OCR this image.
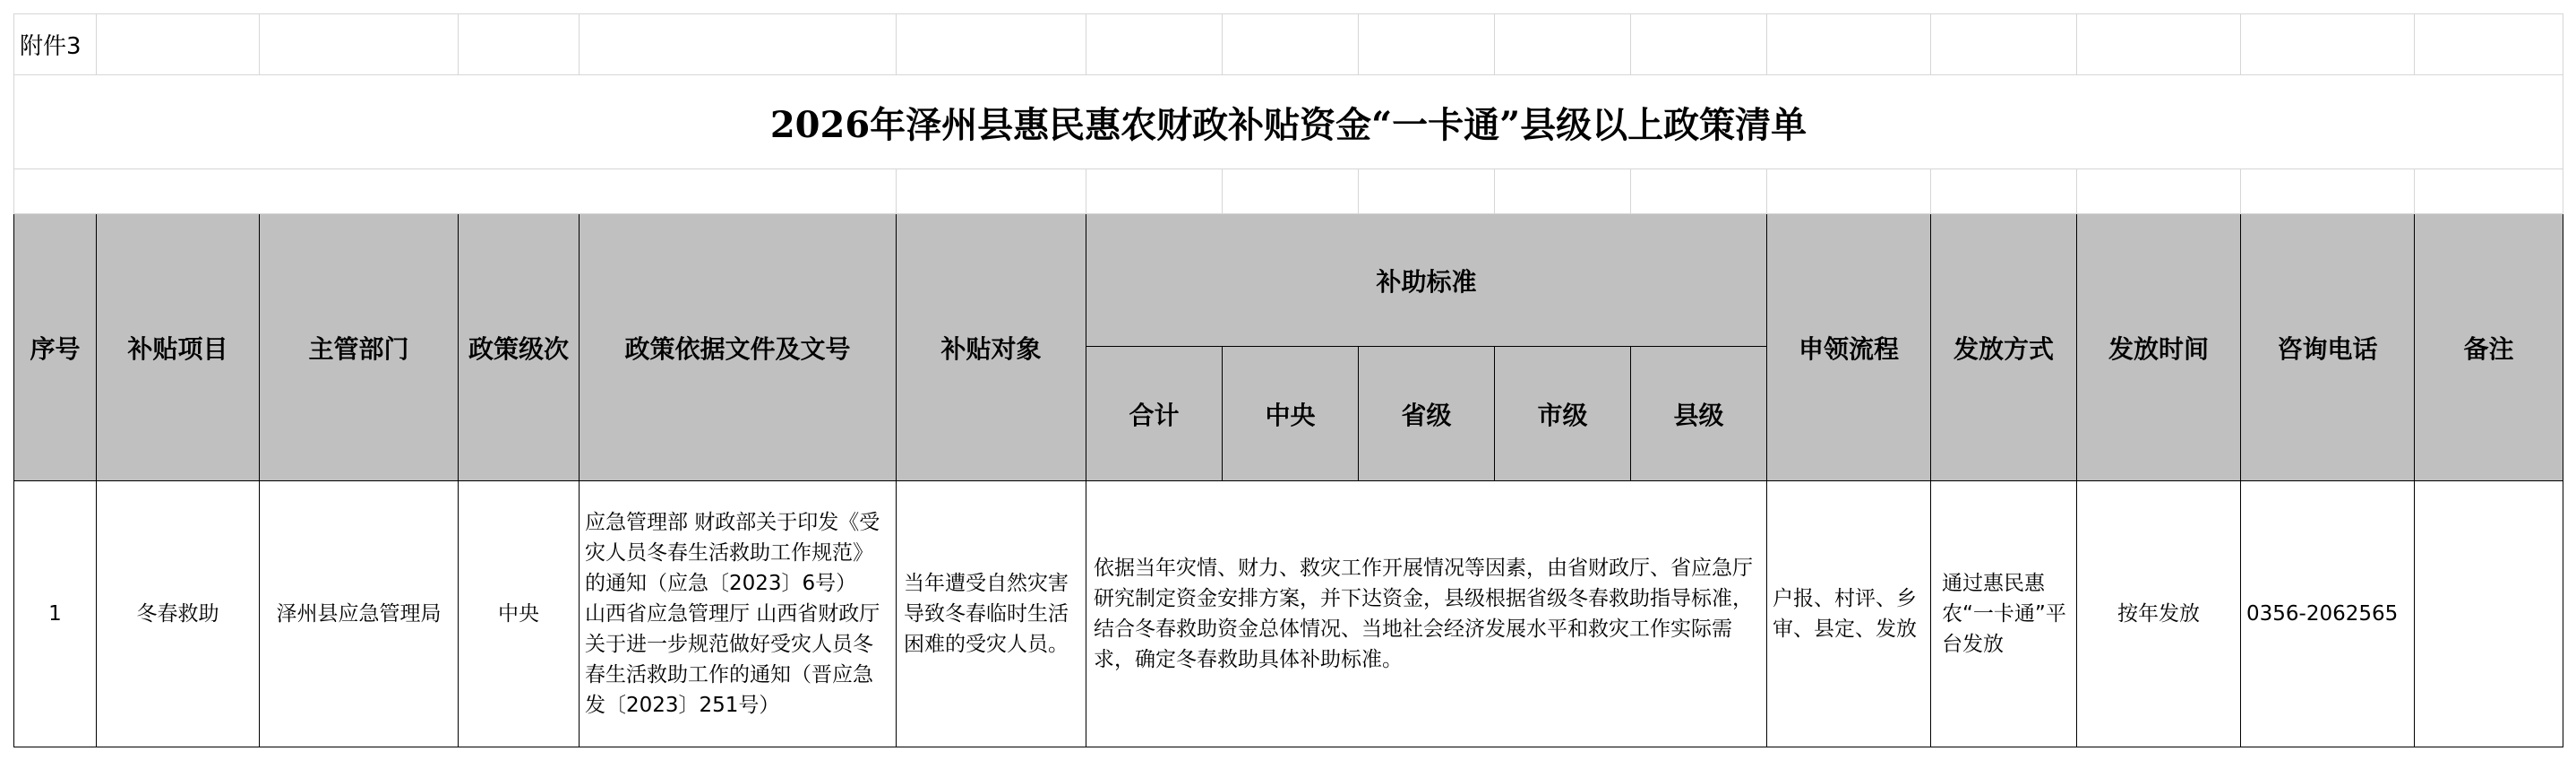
附件3															
2026年泽州县惠民惠农财政补贴资金“一卡通”县级以上政策清单															

序号	补贴项目	主管部门	政策级次	政策依据文件及文号	补贴对象	补助标准					申领流程	发放方式	发放时间	咨询电话	备注
						合计	中央	省级	市级	县级					
1	冬春救助	泽州县应急管理局	中央	应急管理部 财政部关于印发《受灾人员冬春生活救助工作规范》的通知（应急〔2023〕6号）
山西省应急管理厅 山西省财政厅关于进一步规范做好受灾人员冬春生活救助工作的通知（晋应急发〔2023〕251号）	当年遭受自然灾害导致冬春临时生活困难的受灾人员。	依据当年灾情、财力、救灾工作开展情况等因素，由省财政厅、省应急厅研究制定资金安排方案，并下达资金，县级根据省级冬春救助指导标准，结合冬春救助资金总体情况、当地社会经济发展水平和救灾工作实际需求，确定冬春救助具体补助标准。					户报、村评、乡审、县定、发放	通过惠民惠农“一卡通”平台发放	按年发放	0356-2062565	
